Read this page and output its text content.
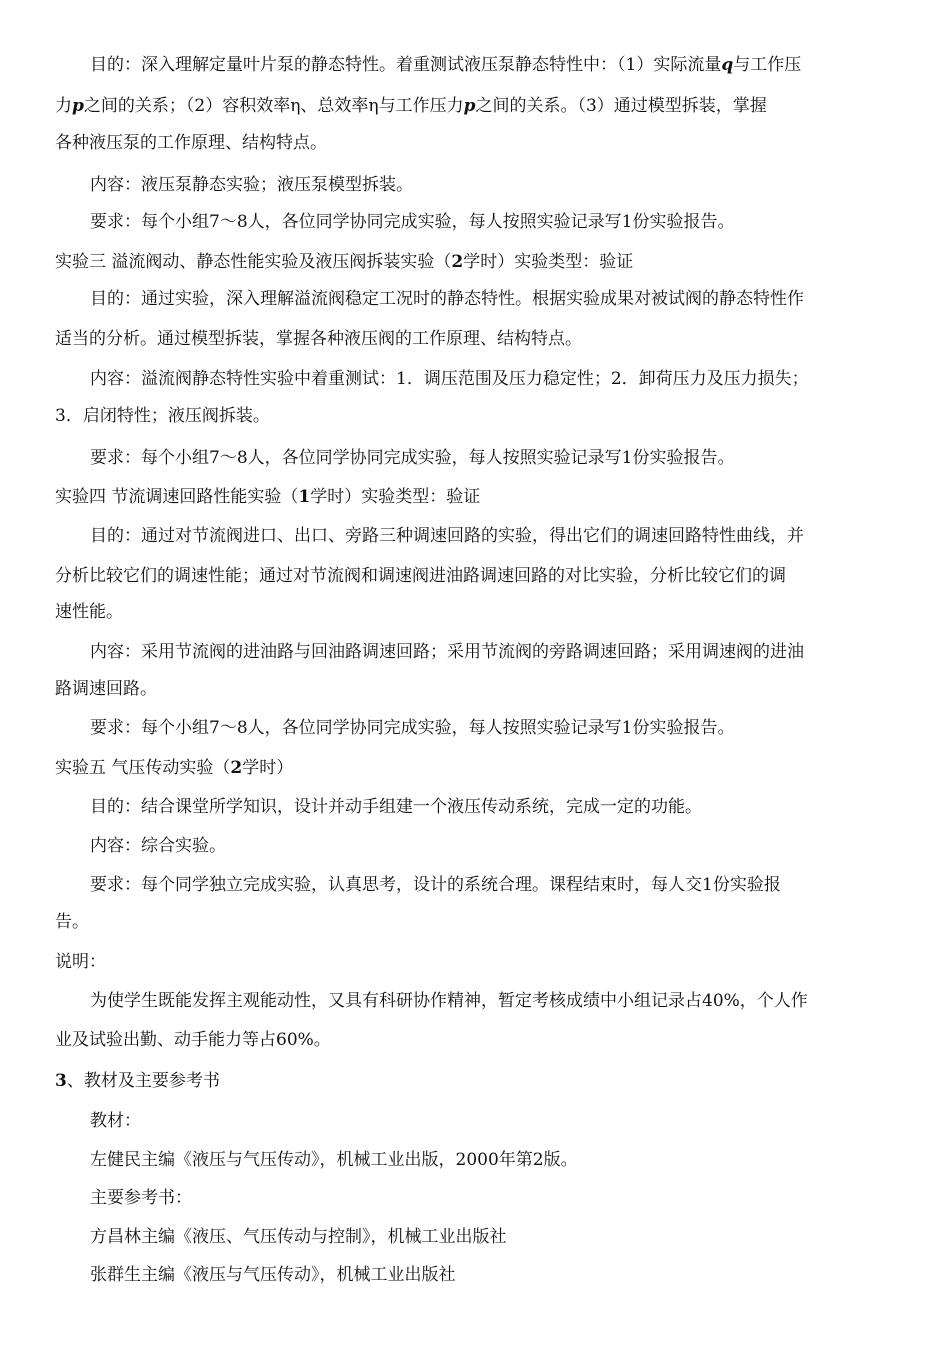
目的：深入理解定量叶片泵的静态特性。着重测试液压泵静态特性中：（1）实际流量q与工作压
力p之间的关系；（2）容积效率η、总效率η与工作压力p之间的关系。（3）通过模型拆装，掌握
各种液压泵的工作原理、结构特点。
内容：液压泵静态实验；液压泵模型拆装。
要求：每个小组7～8人，各位同学协同完成实验，每人按照实验记录写1份实验报告。
实验三 溢流阀动、静态性能实验及液压阀拆装实验（2学时）实验类型：验证
目的：通过实验，深入理解溢流阀稳定工况时的静态特性。根据实验成果对被试阀的静态特性作
适当的分析。通过模型拆装，掌握各种液压阀的工作原理、结构特点。
内容：溢流阀静态特性实验中着重测试：1．调压范围及压力稳定性；2．卸荷压力及压力损失；
3．启闭特性；液压阀拆装。
要求：每个小组7～8人，各位同学协同完成实验，每人按照实验记录写1份实验报告。
实验四 节流调速回路性能实验（1学时）实验类型：验证
目的：通过对节流阀进口、出口、旁路三种调速回路的实验，得出它们的调速回路特性曲线，并
分析比较它们的调速性能；通过对节流阀和调速阀进油路调速回路的对比实验，分析比较它们的调
速性能。
内容：采用节流阀的进油路与回油路调速回路；采用节流阀的旁路调速回路；采用调速阀的进油
路调速回路。
要求：每个小组7～8人，各位同学协同完成实验，每人按照实验记录写1份实验报告。
实验五 气压传动实验（2学时）
目的：结合课堂所学知识，设计并动手组建一个液压传动系统，完成一定的功能。
内容：综合实验。
要求：每个同学独立完成实验，认真思考，设计的系统合理。课程结束时，每人交1份实验报
告。
说明：
为使学生既能发挥主观能动性，又具有科研协作精神，暂定考核成绩中小组记录占40%，个人作
业及试验出勤、动手能力等占60%。
3、教材及主要参考书
教材：
左健民主编《液压与气压传动》，机械工业出版，2000年第2版。
主要参考书：
方昌林主编《液压、气压传动与控制》，机械工业出版社
张群生主编《液压与气压传动》，机械工业出版社
